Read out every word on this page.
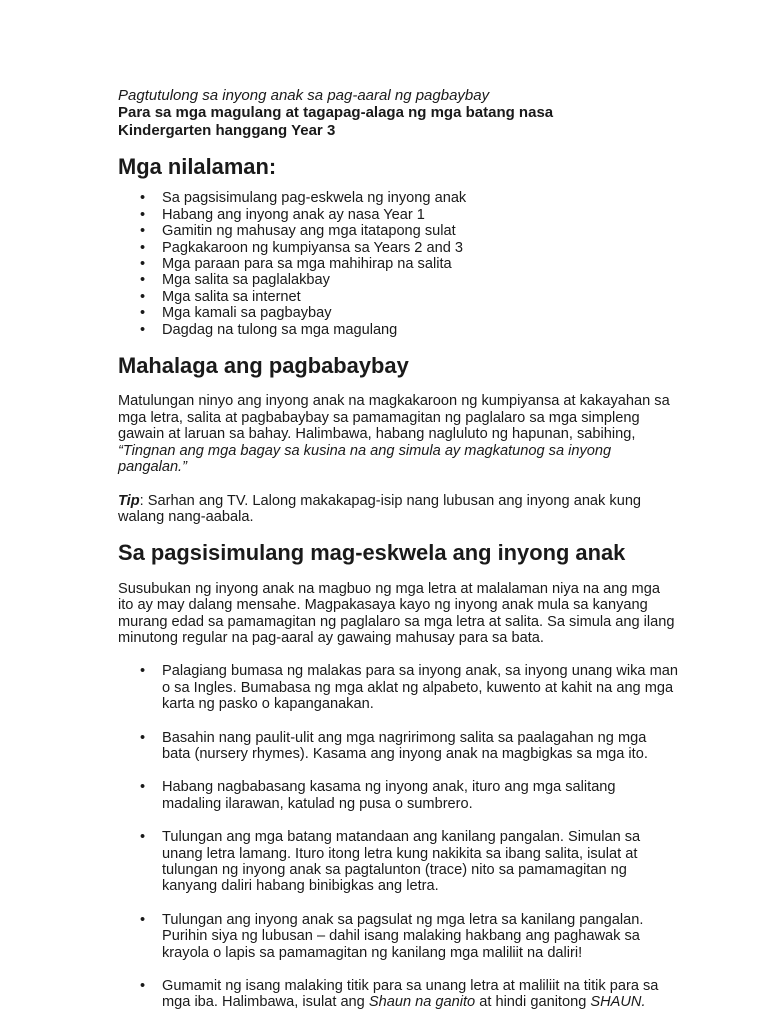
Pagtutulong sa inyong anak sa pag-aaral ng pagbaybay
Para sa mga magulang at tagapag-alaga ng mga batang nasa
Kindergarten hanggang Year 3
Mga nilalaman:
• Sa pagsisimulang pag-eskwela ng inyong anak
• Habang ang inyong anak ay nasa Year 1
• Gamitin ng mahusay ang mga itatapong sulat
• Pagkakaroon ng kumpiyansa sa Years 2 and 3
• Mga paraan para sa mga mahihirap na salita
• Mga salita sa paglalakbay
• Mga salita sa internet
• Mga kamali sa pagbaybay
• Dagdag na tulong sa mga magulang
Mahalaga ang pagbabaybay

Matulungan ninyo ang inyong anak na magkakaroon ng kumpiyansa at kakayahan sa mga letra, salita at pagbabaybay sa pamamagitan ng paglalaro sa mga simpleng gawain at laruan sa bahay. Halimbawa, habang nagluluto ng hapunan, sabihing, “Tingnan ang mga bagay sa kusina na ang simula ay magkatunog sa inyong pangalan.”

Tip: Sarhan ang TV. Lalong makakapag-isip nang lubusan ang inyong anak kung walang nang-aabala.

Sa pagsisimulang mag-eskwela ang inyong anak

Susubukan ng inyong anak na magbuo ng mga letra at malalaman niya na ang mga ito ay may dalang mensahe. Magpakasaya kayo ng inyong anak mula sa kanyang murang edad sa pamamagitan ng paglalaro sa mga letra at salita. Sa simula ang ilang minutong regular na pag-aaral ay gawaing mahusay para sa bata.

• Palagiang bumasa ng malakas para sa inyong anak, sa inyong unang wika man o sa Ingles. Bumabasa ng mga aklat ng alpabeto, kuwento at kahit na ang mga karta ng pasko o kapanganakan.
• Basahin nang paulit-ulit ang mga nagririmong salita sa paalagahan ng mga bata (nursery rhymes). Kasama ang inyong anak na magbigkas sa mga ito.
• Habang nagbabasang kasama ng inyong anak, ituro ang mga salitang madaling ilarawan, katulad ng pusa o sumbrero.
• Tulungan ang mga batang matandaan ang kanilang pangalan. Simulan sa unang letra lamang. Ituro itong letra kung nakikita sa ibang salita, isulat at tulungan ng inyong anak sa pagtalunton (trace) nito sa pamamagitan ng kanyang daliri habang binibigkas ang letra.
• Tulungan ang inyong anak sa pagsulat ng mga letra sa kanilang pangalan. Purihin siya ng lubusan – dahil isang malaking hakbang ang paghawak sa krayola o lapis sa pamamagitan ng kanilang mga maliliit na daliri!
• Gumamit ng isang malaking titik para sa unang letra at maliliit na titik para sa mga iba. Halimbawa, isulat ang Shaun na ganito at hindi ganitong SHAUN.
